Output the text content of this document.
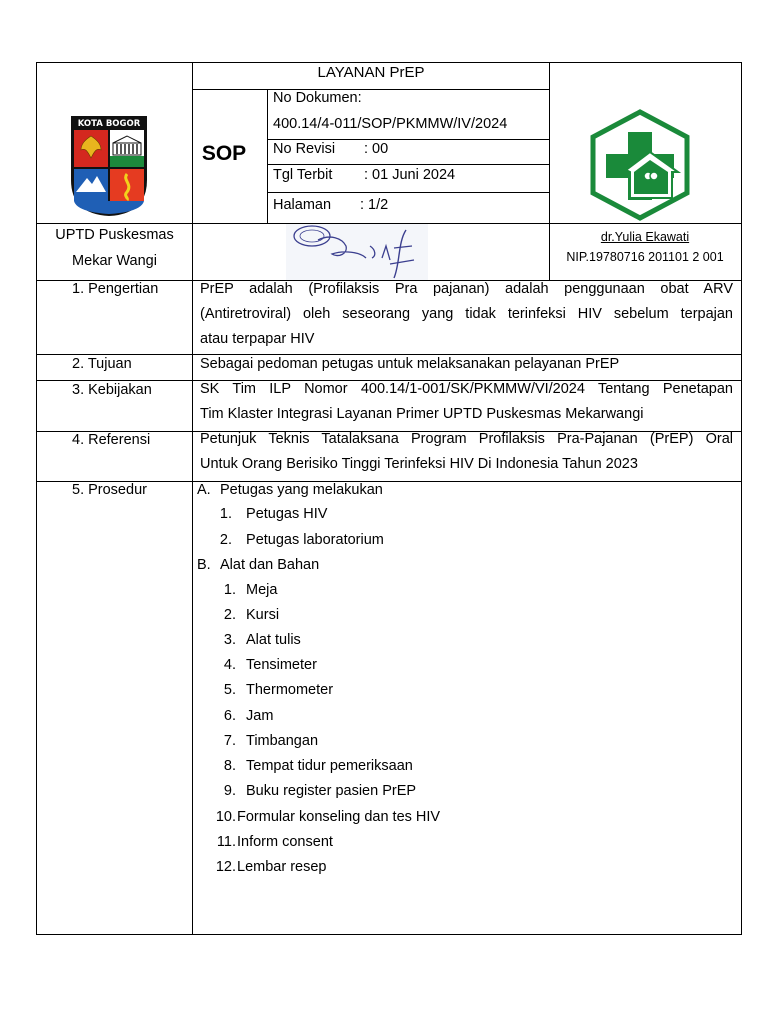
LAYANAN PrEP
SOP
No Dokumen:
400.14/4-011/SOP/PKMMW/IV/2024
No Revisi : 00
Tgl Terbit : 01 Juni 2024
Halaman : 1/2
KOTA BOGOR
UPTD Puskesmas
Mekar Wangi
dr.Yulia Ekawati
NIP.19780716 201101 2 001
1. Pengertian	PrEP adalah (Profilaksis Pra pajanan) adalah penggunaan obat ARV
(Antiretroviral) oleh seseorang yang tidak terinfeksi HIV sebelum terpajan
atau terpapar HIV
2. Tujuan	Sebagai pedoman petugas untuk melaksanakan pelayanan PrEP
3. Kebijakan	SK Tim ILP Nomor 400.14/1-001/SK/PKMMW/VI/2024 Tentang Penetapan
Tim Klaster Integrasi Layanan Primer UPTD Puskesmas Mekarwangi
4. Referensi	Petunjuk Teknis Tatalaksana Program Profilaksis Pra-Pajanan (PrEP) Oral
Untuk Orang Berisiko Tinggi Terinfeksi HIV Di Indonesia Tahun 2023
5. Prosedur	A. Petugas yang melakukan
1. Petugas HIV
2. Petugas laboratorium
B. Alat dan Bahan
1. Meja
2. Kursi
3. Alat tulis
4. Tensimeter
5. Thermometer
6. Jam
7. Timbangan
8. Tempat tidur pemeriksaan
9. Buku register pasien PrEP
10.Formular konseling dan tes HIV
11.Inform consent
12.Lembar resep
